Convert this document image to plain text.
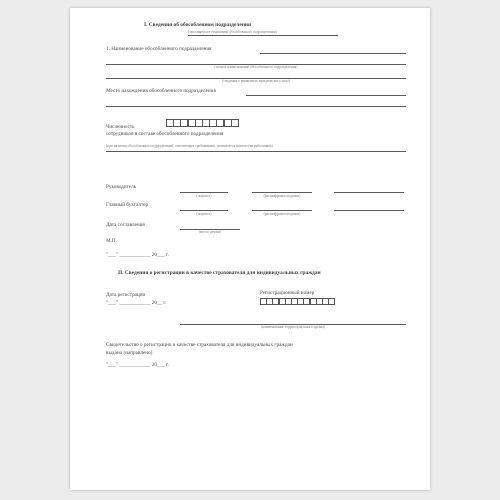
I. Сведения об обособленном подразделении
(заполняется в отношении обособленного подразделения)
1. Наименование обособленного подразделения
(полное наименование обособленного подразделения)
(сведения о реквизитах юридического лица)
Место нахождения обособленного подразделения
Численность
сотрудников в составе обособленного подразделения
(при наличии обособленных подразделений, отвечающих требованиям, указывается количество работников)
Руководитель
(подпись)	(расшифровка подписи)
Главный бухгалтер
(подпись)	(расшифровка подписи)
Дата составления
(место печати)
М.П.
"___" ____________ 20___ г.
II. Сведения о регистрации в качестве страхователя для индивидуальных граждан
Дата регистрации
"___" ____________ 20__ г.
Регистрационный номер
(наименование территориального органа)
Свидетельство о регистрации в качестве страхователя для индивидуальных граждан
выдано (направлено)
"___" ____________ 20___ г.
